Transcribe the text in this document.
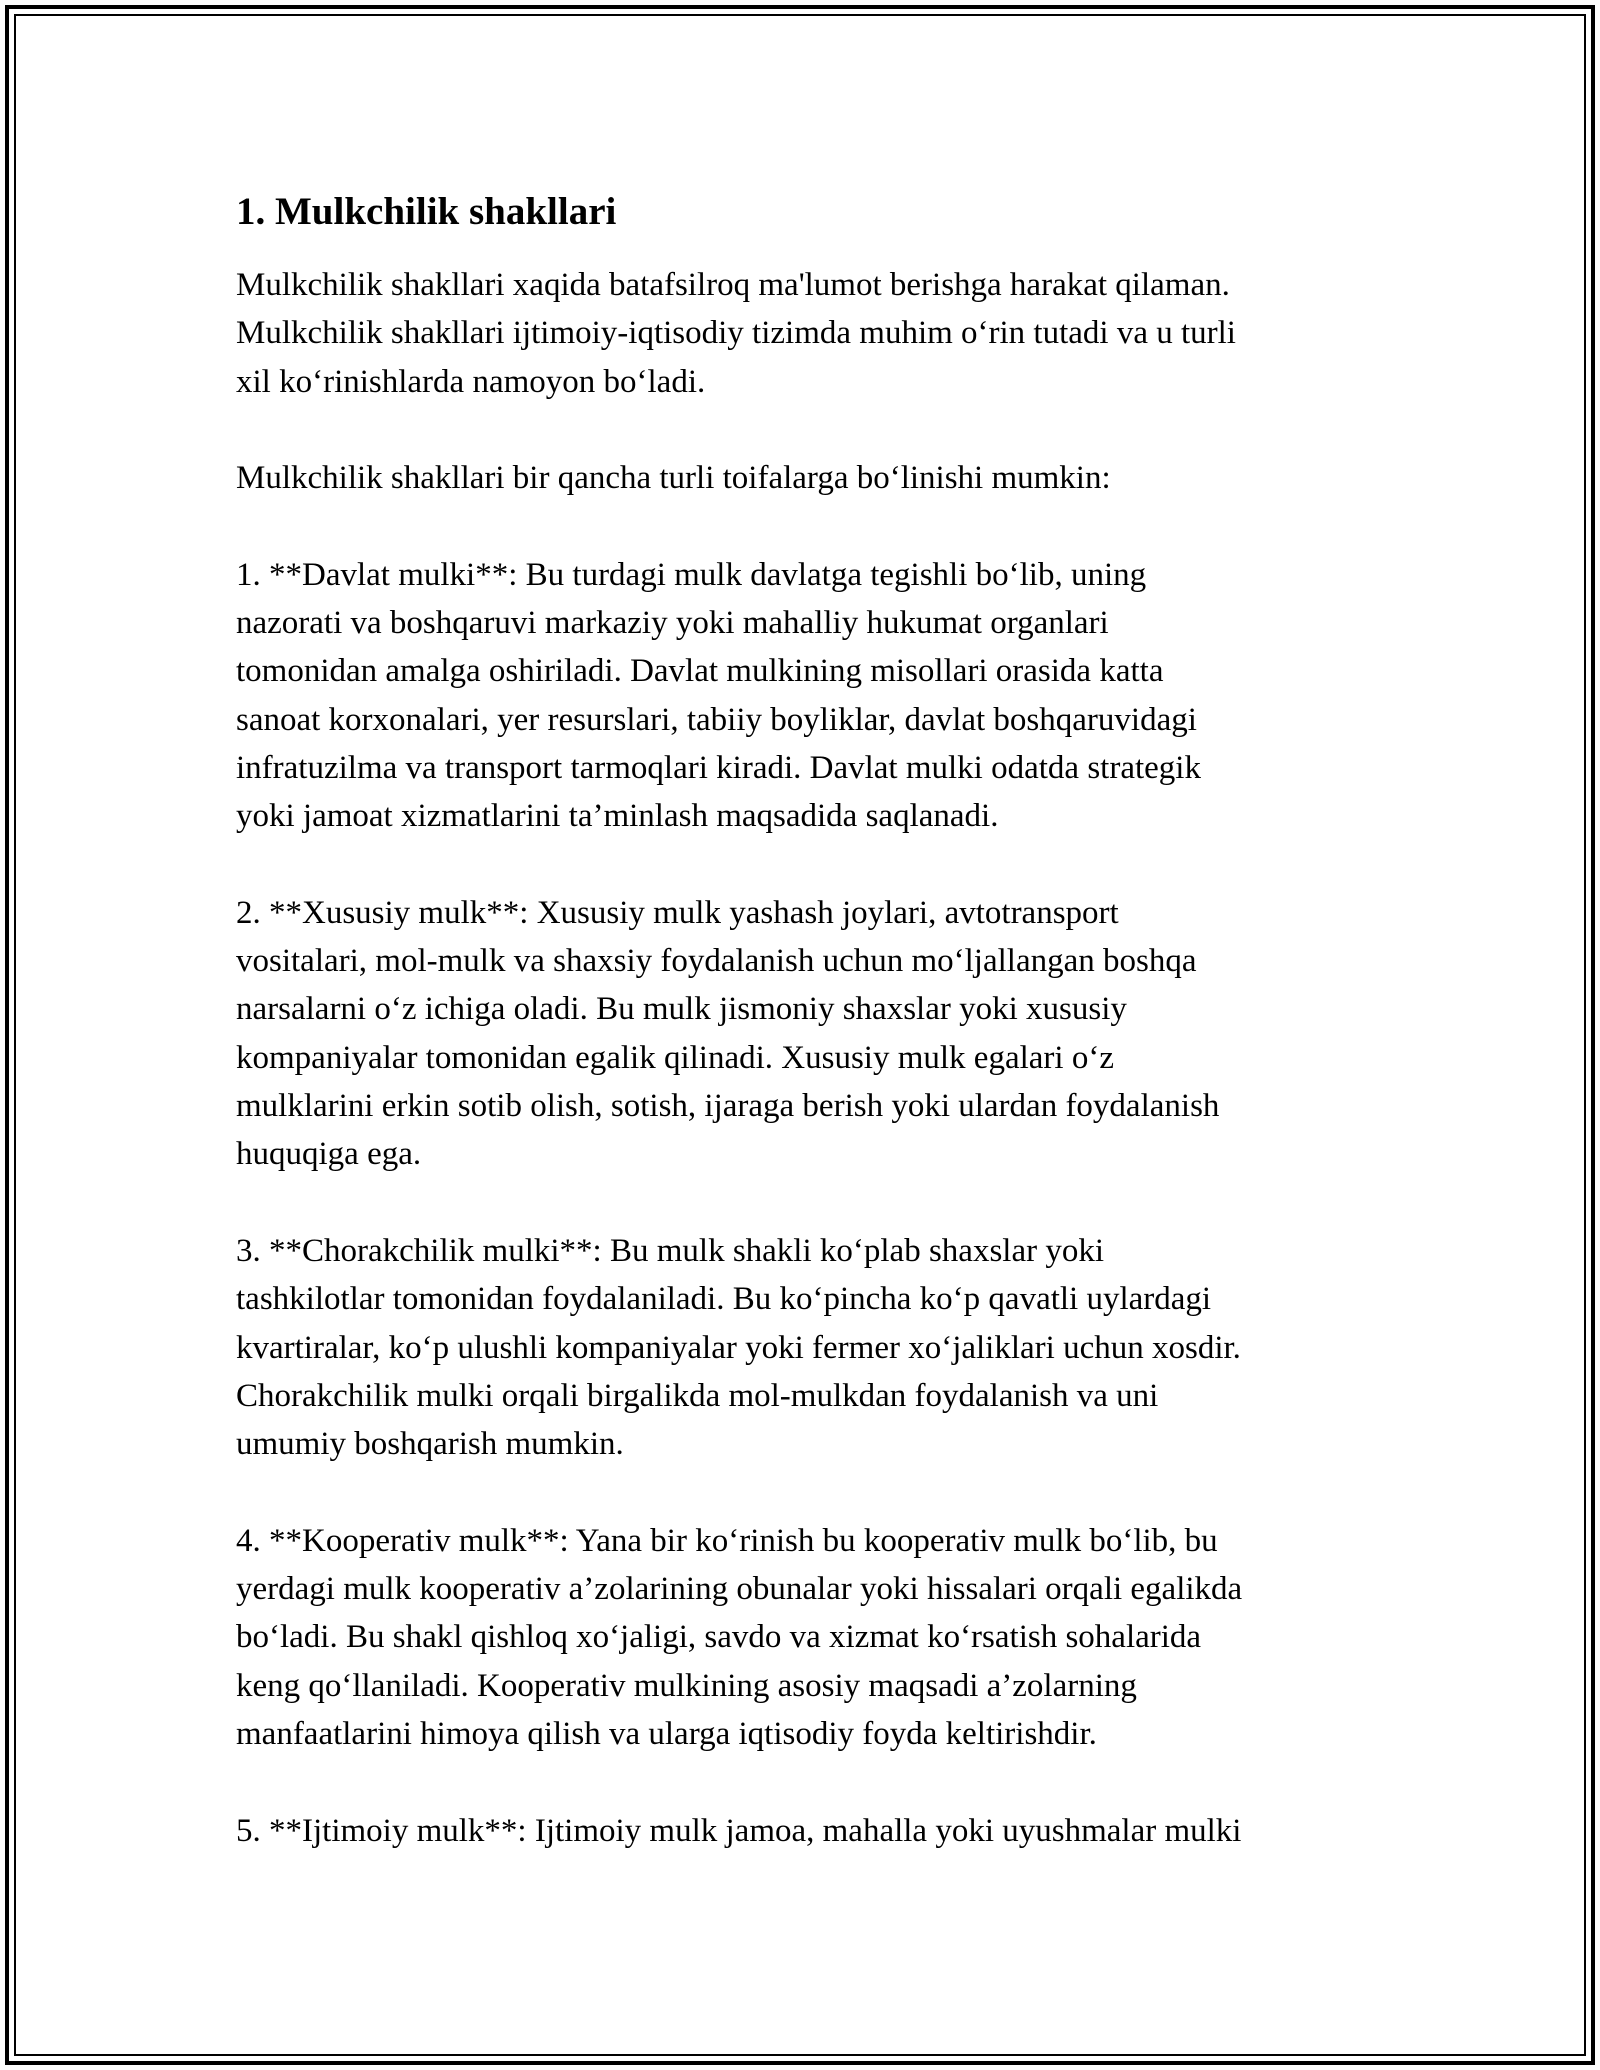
1. Mulkchilik shakllari

Mulkchilik shakllari xaqida batafsilroq ma'lumot berishga harakat qilaman.
Mulkchilik shakllari ijtimoiy-iqtisodiy tizimda muhim oʻrin tutadi va u turli
xil koʻrinishlarda namoyon boʻladi.

Mulkchilik shakllari bir qancha turli toifalarga boʻlinishi mumkin:

1. **Davlat mulki**: Bu turdagi mulk davlatga tegishli boʻlib, uning
nazorati va boshqaruvi markaziy yoki mahalliy hukumat organlari
tomonidan amalga oshiriladi. Davlat mulkining misollari orasida katta
sanoat korxonalari, yer resurslari, tabiiy boyliklar, davlat boshqaruvidagi
infratuzilma va transport tarmoqlari kiradi. Davlat mulki odatda strategik
yoki jamoat xizmatlarini ta’minlash maqsadida saqlanadi.

2. **Xususiy mulk**: Xususiy mulk yashash joylari, avtotransport
vositalari, mol-mulk va shaxsiy foydalanish uchun moʻljallangan boshqa
narsalarni oʻz ichiga oladi. Bu mulk jismoniy shaxslar yoki xususiy
kompaniyalar tomonidan egalik qilinadi. Xususiy mulk egalari oʻz
mulklarini erkin sotib olish, sotish, ijaraga berish yoki ulardan foydalanish
huquqiga ega.

3. **Chorakchilik mulki**: Bu mulk shakli koʻplab shaxslar yoki
tashkilotlar tomonidan foydalaniladi. Bu koʻpincha koʻp qavatli uylardagi
kvartiralar, koʻp ulushli kompaniyalar yoki fermer xoʻjaliklari uchun xosdir.
Chorakchilik mulki orqali birgalikda mol-mulkdan foydalanish va uni
umumiy boshqarish mumkin.

4. **Kooperativ mulk**: Yana bir koʻrinish bu kooperativ mulk boʻlib, bu
yerdagi mulk kooperativ a’zolarining obunalar yoki hissalari orqali egalikda
boʻladi. Bu shakl qishloq xoʻjaligi, savdo va xizmat koʻrsatish sohalarida
keng qoʻllaniladi. Kooperativ mulkining asosiy maqsadi a’zolarning
manfaatlarini himoya qilish va ularga iqtisodiy foyda keltirishdir.

5. **Ijtimoiy mulk**: Ijtimoiy mulk jamoa, mahalla yoki uyushmalar mulki
